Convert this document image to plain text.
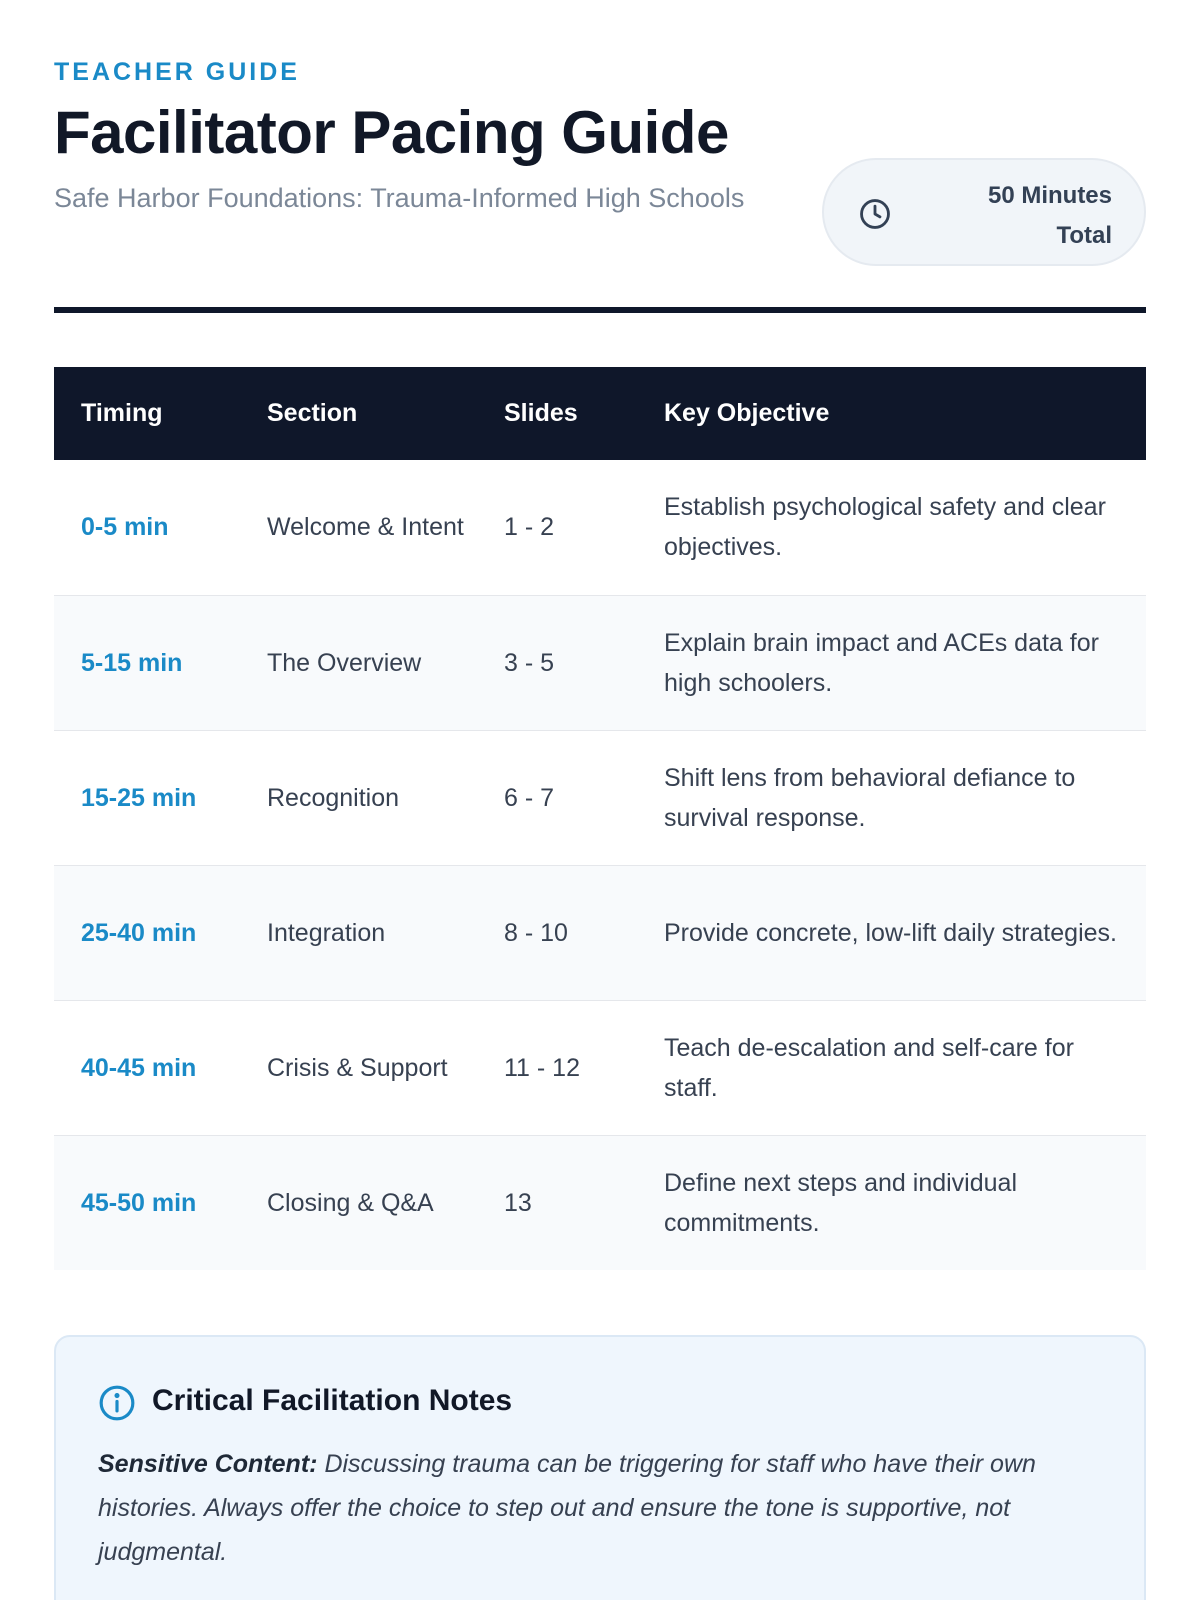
TEACHER GUIDE
Facilitator Pacing Guide
Safe Harbor Foundations: Trauma-Informed High Schools	50 Minutes
Total
Timing	Section	Slides	Key Objective
0-5 min	Welcome & Intent	1 - 2	Establish psychological safety and clear objectives.
5-15 min	The Overview	3 - 5	Explain brain impact and ACEs data for high schoolers.
15-25 min	Recognition	6 - 7	Shift lens from behavioral defiance to survival response.
25-40 min	Integration	8 - 10	Provide concrete, low-lift daily strategies.
40-45 min	Crisis & Support	11 - 12	Teach de-escalation and self-care for staff.
45-50 min	Closing & Q&A	13	Define next steps and individual commitments.
Critical Facilitation Notes

Sensitive Content: Discussing trauma can be triggering for staff who have their own histories. Always offer the choice to step out and ensure the tone is supportive, not judgmental.
